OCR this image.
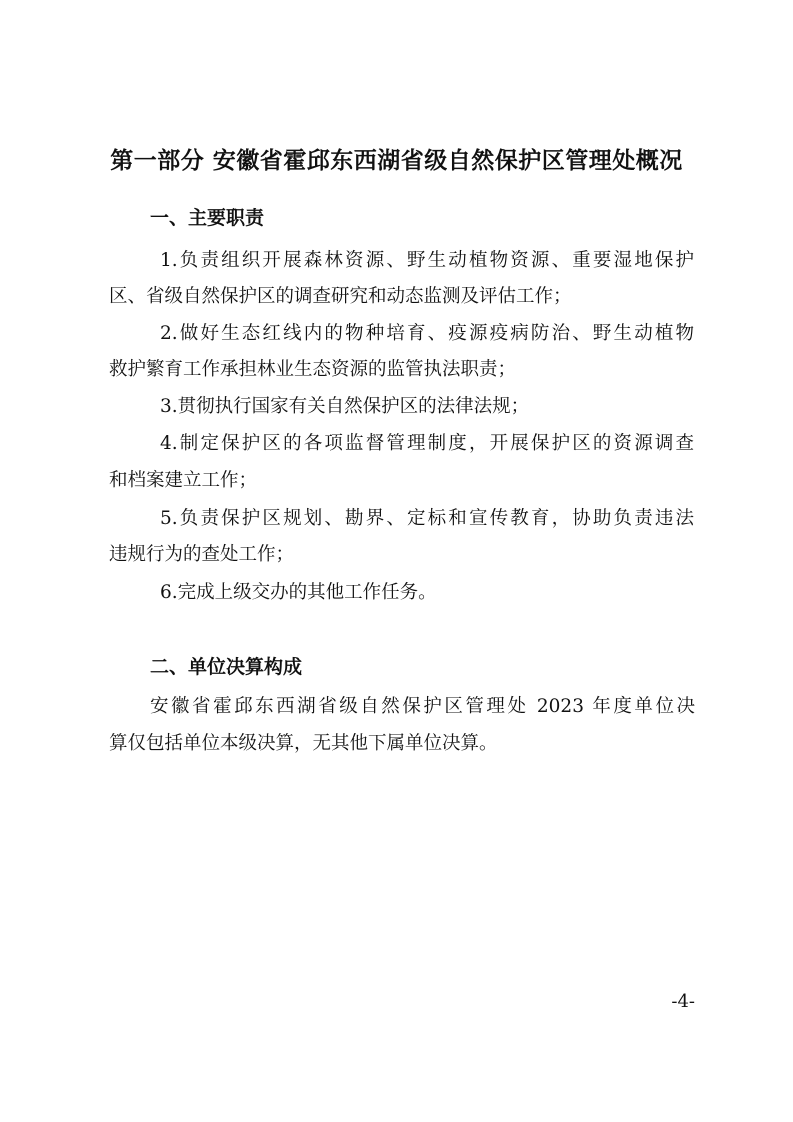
第一部分 安徽省霍邱东西湖省级自然保护区管理处概况
一、主要职责
1.负责组织开展森林资源、野生动植物资源、重要湿地保护
区、省级自然保护区的调查研究和动态监测及评估工作；
2.做好生态红线内的物种培育、疫源疫病防治、野生动植物
救护繁育工作承担林业生态资源的监管执法职责；
3.贯彻执行国家有关自然保护区的法律法规；
4.制定保护区的各项监督管理制度，开展保护区的资源调查
和档案建立工作；
5.负责保护区规划、勘界、定标和宣传教育，协助负责违法
违规行为的查处工作；
6.完成上级交办的其他工作任务。
二、单位决算构成
安徽省霍邱东西湖省级自然保护区管理处 2023 年度单位决
算仅包括单位本级决算，无其他下属单位决算。
-4-
